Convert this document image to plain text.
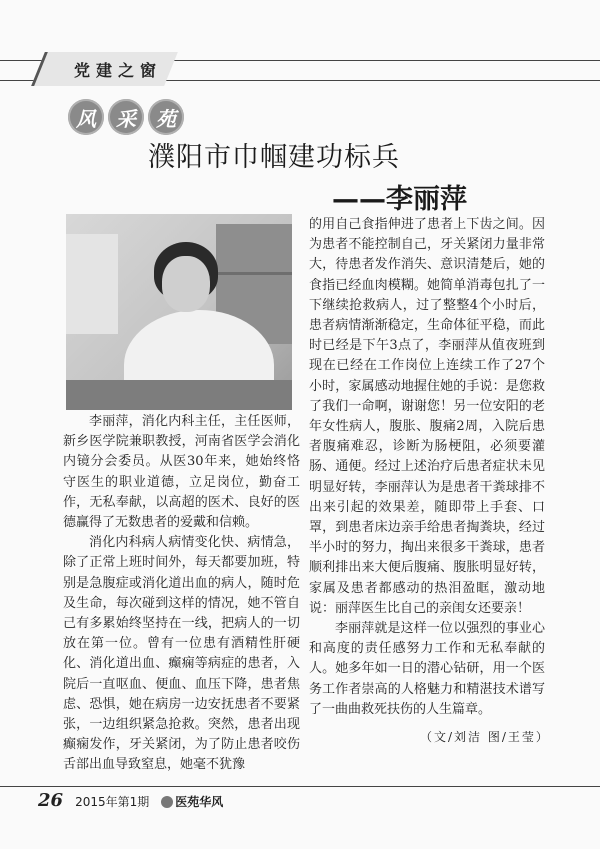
党建之窗
风	采	苑
濮阳市巾帼建功标兵
——李丽萍

李丽萍，消化内科主任，主任医师，新乡医学院兼职教授，河南省医学会消化内镜分会委员。从医30年来，她始终恪守医生的职业道德，立足岗位，勤奋工作，无私奉献，以高超的医术、良好的医德赢得了无数患者的爱戴和信赖。

消化内科病人病情变化快、病情急，除了正常上班时间外，每天都要加班，特别是急腹症或消化道出血的病人，随时危及生命，每次碰到这样的情况，她不管自己有多累始终坚持在一线，把病人的一切放在第一位。曾有一位患有酒精性肝硬化、消化道出血、癫痫等病症的患者，入院后一直呕血、便血、血压下降，患者焦虑、恐惧，她在病房一边安抚患者不要紧张，一边组织紧急抢救。突然，患者出现癫痫发作，牙关紧闭，为了防止患者咬伤舌部出血导致窒息，她毫不犹豫

的用自己食指伸进了患者上下齿之间。因为患者不能控制自己，牙关紧闭力量非常大，待患者发作消失、意识清楚后，她的食指已经血肉模糊。她简单消毒包扎了一下继续抢救病人，过了整整4个小时后，患者病情渐渐稳定，生命体征平稳，而此时已经是下午3点了，李丽萍从值夜班到现在已经在工作岗位上连续工作了27个小时，家属感动地握住她的手说：是您救了我们一命啊，谢谢您！另一位安阳的老年女性病人，腹胀、腹痛2周，入院后患者腹痛难忍，诊断为肠梗阻，必须要灌肠、通便。经过上述治疗后患者症状未见明显好转，李丽萍认为是患者干粪球排不出来引起的效果差，随即带上手套、口罩，到患者床边亲手给患者掏粪块，经过半小时的努力，掏出来很多干粪球，患者顺利排出来大便后腹痛、腹胀明显好转，家属及患者都感动的热泪盈眶，激动地说：丽萍医生比自己的亲闺女还要亲！

李丽萍就是这样一位以强烈的事业心和高度的责任感努力工作和无私奉献的人。她多年如一日的潜心钻研，用一个医务工作者崇高的人格魅力和精湛技术谱写了一曲曲救死扶伤的人生篇章。

（文/刘洁 图/王莹）
26 2015年第1期	医苑华风
